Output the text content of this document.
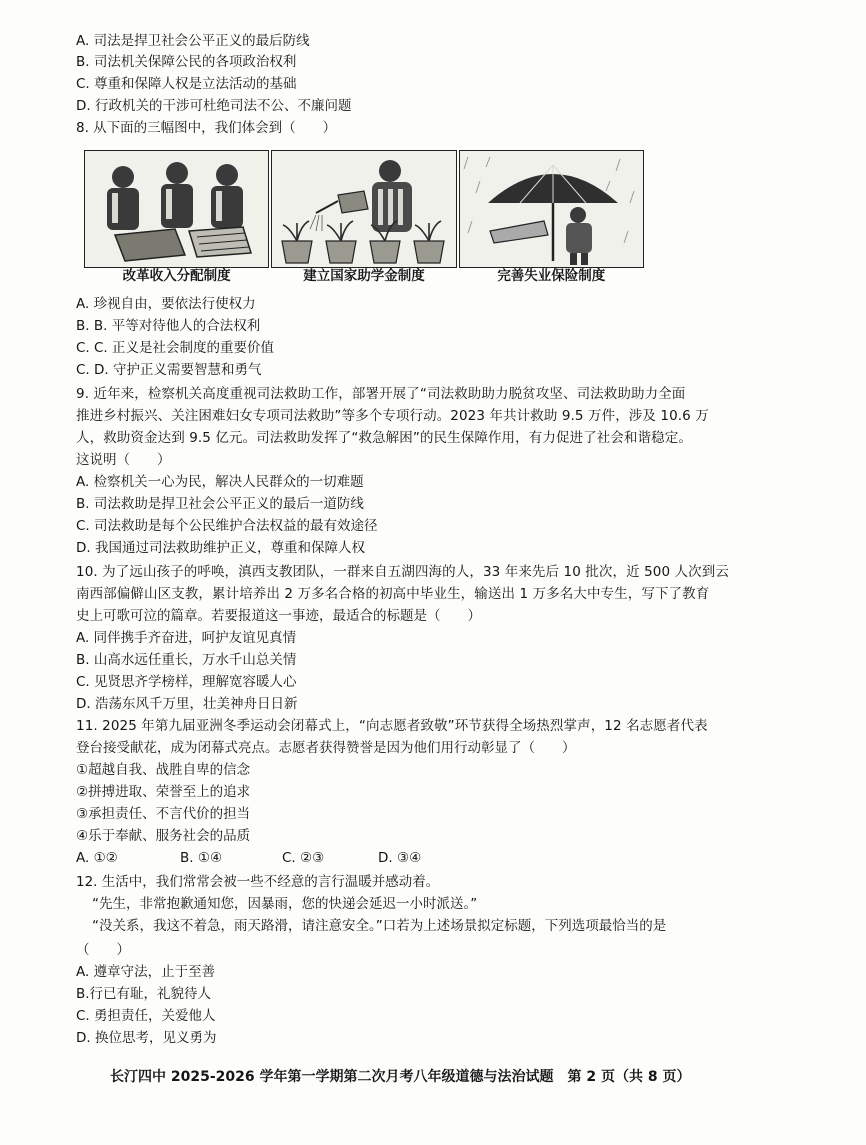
A. 司法是捍卫社会公平正义的最后防线
B. 司法机关保障公民的各项政治权利
C. 尊重和保障人权是立法活动的基础
D. 行政机关的干涉可杜绝司法不公、不廉问题
8. 从下面的三幅图中，我们体会到（　　）
改革收入分配制度	建立国家助学金制度	完善失业保险制度
A. 珍视自由，要依法行使权力
B. B. 平等对待他人的合法权利
C. C. 正义是社会制度的重要价值
C. D. 守护正义需要智慧和勇气
9. 近年来，检察机关高度重视司法救助工作，部署开展了“司法救助助力脱贫攻坚、司法救助助力全面
推进乡村振兴、关注困难妇女专项司法救助”等多个专项行动。2023 年共计救助 9.5 万件，涉及 10.6 万
人，救助资金达到 9.5 亿元。司法救助发挥了“救急解困”的民生保障作用，有力促进了社会和谐稳定。
这说明（　　）
A. 检察机关一心为民，解决人民群众的一切难题
B. 司法救助是捍卫社会公平正义的最后一道防线
C. 司法救助是每个公民维护合法权益的最有效途径
D. 我国通过司法救助维护正义，尊重和保障人权
10. 为了远山孩子的呼唤，滇西支教团队，一群来自五湖四海的人，33 年来先后 10 批次，近 500 人次到云
南西部偏僻山区支教，累计培养出 2 万多名合格的初高中毕业生，输送出 1 万多名大中专生，写下了教育
史上可歌可泣的篇章。若要报道这一事迹，最适合的标题是（　　）
A. 同伴携手齐奋进，呵护友谊见真情
B. 山高水远任重长，万水千山总关情
C. 见贤思齐学榜样，理解宽容暖人心
D. 浩荡东风千万里，壮美神舟日日新
11. 2025 年第九届亚洲冬季运动会闭幕式上，“向志愿者致敬”环节获得全场热烈掌声，12 名志愿者代表
登台接受献花，成为闭幕式亮点。志愿者获得赞誉是因为他们用行动彰显了（　　）
①超越自我、战胜自卑的信念
②拼搏进取、荣誉至上的追求
③承担责任、不言代价的担当
④乐于奉献、服务社会的品质
A. ①②	B. ①④	C. ②③	D. ③④
12. 生活中，我们常常会被一些不经意的言行温暖并感动着。
“先生，非常抱歉通知您，因暴雨，您的快递会延迟一小时派送。”
“没关系，我这不着急，雨天路滑，请注意安全。”口若为上述场景拟定标题，下列选项最恰当的是
（　　）
A. 遵章守法，止于至善
B.行已有耻，礼貌待人
C. 勇担责任，关爱他人
D. 换位思考，见义勇为
长汀四中 2025-2026 学年第一学期第二次月考八年级道德与法治试题　第 2 页（共 8 页）
